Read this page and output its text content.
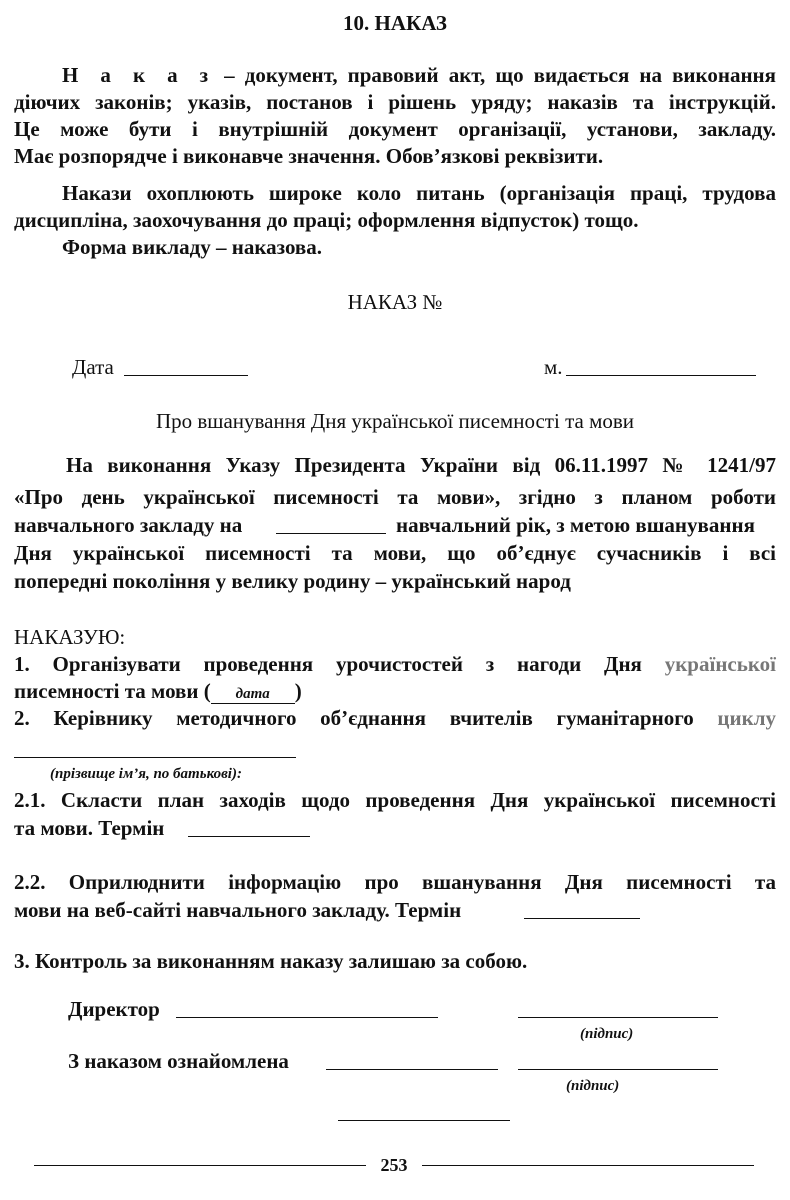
10. НАКАЗ
Н а к а з – документ, правовий акт, що видається на виконання
діючих законів; указів, постанов і рішень уряду; наказів та інструкцій.
Це може бути і внутрішній документ організації, установи, закладу.
Має розпорядче і виконавче значення. Обов’язкові реквізити.
Накази охоплюють широке коло питань (організація праці, трудова
дисципліна, заохочування до праці; оформлення відпусток) тощо.
Форма викладу – наказова.
НАКАЗ №
Дата	м.
Про вшанування Дня української писемності та мови
На виконання Указу Президента України від 06.11.1997 № 1241/97
«Про день української писемності та мови», згідно з планом роботи
навчального закладу на	навчальний рік, з метою вшанування
Дня української писемності та мови, що об’єднує сучасників і всі
попередні покоління у велику родину – український народ
НАКАЗУЮ:
1. Організувати проведення урочистостей з нагоди Дня української
писемності та мови ( дата )
2. Керівнику методичного об’єднання вчителів гуманітарного циклу
(прізвище ім’я, по батькові):
2.1. Скласти план заходів щодо проведення Дня української писемності
та мови. Термін
2.2. Оприлюднити інформацію про вшанування Дня писемності та
мови на веб-сайті навчального закладу. Термін
3. Контроль за виконанням наказу залишаю за собою.
Директор
(підпис)
З наказом ознайомлена
(підпис)
253
